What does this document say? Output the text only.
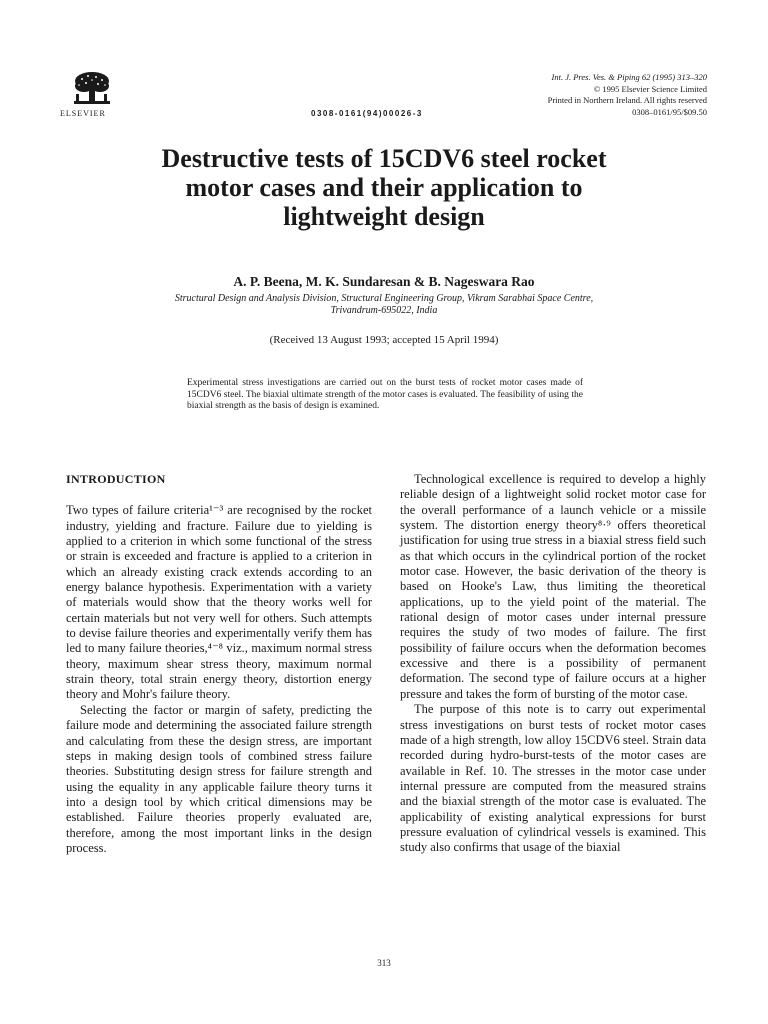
ELSEVIER	0308-0161(94)00026-3
Int. J. Pres. Ves. & Piping 62 (1995) 313–320
© 1995 Elsevier Science Limited
Printed in Northern Ireland. All rights reserved
0308–0161/95/$09.50
Destructive tests of 15CDV6 steel rocket
motor cases and their application to
lightweight design
A. P. Beena, M. K. Sundaresan & B. Nageswara Rao
Structural Design and Analysis Division, Structural Engineering Group, Vikram Sarabhai Space Centre,
Trivandrum-695022, India
(Received 13 August 1993; accepted 15 April 1994)
Experimental stress investigations are carried out on the burst tests of rocket motor cases made of 15CDV6 steel. The biaxial ultimate strength of the motor cases is evaluated. The feasibility of using the biaxial strength as the basis of design is examined.
INTRODUCTION

Two types of failure criteria¹⁻³ are recognised by the rocket industry, yielding and fracture. Failure due to yielding is applied to a criterion in which some functional of the stress or strain is exceeded and fracture is applied to a criterion in which an already existing crack extends according to an energy balance hypothesis. Experimentation with a variety of materials would show that the theory works well for certain materials but not very well for others. Such attempts to devise failure theories and experimentally verify them has led to many failure theories,⁴⁻⁸ viz., maximum normal stress theory, maximum shear stress theory, maximum normal strain theory, total strain energy theory, distortion energy theory and Mohr's failure theory.

Selecting the factor or margin of safety, predicting the failure mode and determining the associated failure strength and calculating from these the design stress, are important steps in making design tools of combined stress failure theories. Substituting design stress for failure strength and using the equality in any applicable failure theory turns it into a design tool by which critical dimensions may be established. Failure theories properly evaluated are, therefore, among the most important links in the design process.

Technological excellence is required to develop a highly reliable design of a lightweight solid rocket motor case for the overall performance of a launch vehicle or a missile system. The distortion energy theory⁸·⁹ offers theoretical justification for using true stress in a biaxial stress field such as that which occurs in the cylindrical portion of the rocket motor case. However, the basic derivation of the theory is based on Hooke's Law, thus limiting the theoretical applications, up to the yield point of the material. The rational design of motor cases under internal pressure requires the study of two modes of failure. The first possibility of failure occurs when the deformation becomes excessive and there is a possibility of permanent deformation. The second type of failure occurs at a higher pressure and takes the form of bursting of the motor case.

The purpose of this note is to carry out experimental stress investigations on burst tests of rocket motor cases made of a high strength, low alloy 15CDV6 steel. Strain data recorded during hydro-burst-tests of the motor cases are available in Ref. 10. The stresses in the motor case under internal pressure are computed from the measured strains and the biaxial strength of the motor case is evaluated. The applicability of existing analytical expressions for burst pressure evaluation of cylindrical vessels is examined. This study also confirms that usage of the biaxial

313
